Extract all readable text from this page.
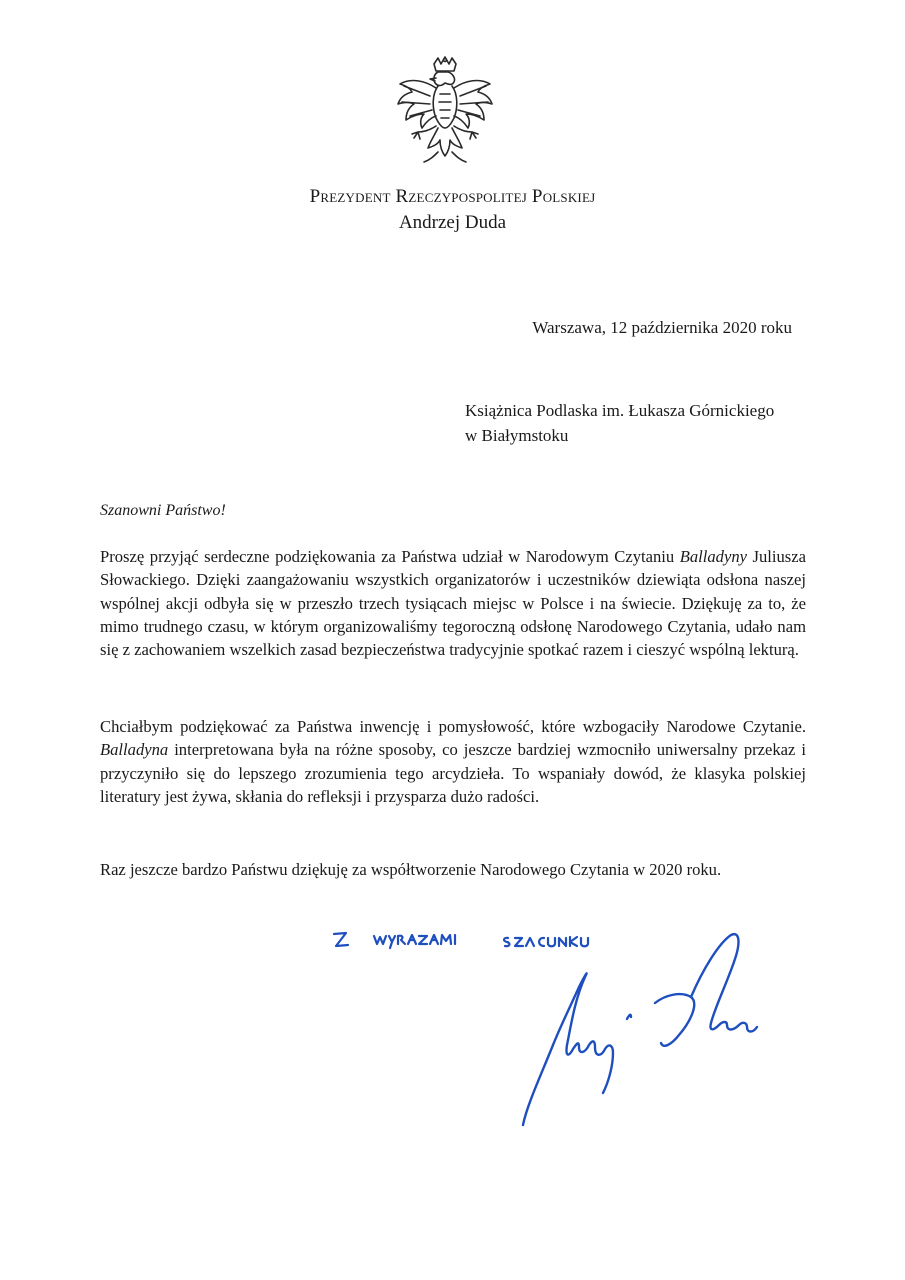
Prezydent Rzeczypospolitej Polskiej
Andrzej Duda
Warszawa, 12 października 2020 roku
Książnica Podlaska im. Łukasza Górnickiego
w Białymstoku
Szanowni Państwo!

Proszę przyjąć serdeczne podziękowania za Państwa udział w Narodowym Czytaniu Balladyny Juliusza Słowackiego. Dzięki zaangażowaniu wszystkich organizatorów i uczestników dziewiąta odsłona naszej wspólnej akcji odbyła się w przeszło trzech tysiącach miejsc w Polsce i na świecie. Dziękuję za to, że mimo trudnego czasu, w którym organizowaliśmy tegoroczną odsłonę Narodowego Czytania, udało nam się z zachowaniem wszelkich zasad bezpieczeństwa tradycyjnie spotkać razem i cieszyć wspólną lekturą.

Chciałbym podziękować za Państwa inwencję i pomysłowość, które wzbogaciły Narodowe Czytanie. Balladyna interpretowana była na różne sposoby, co jeszcze bardziej wzmocniło uniwersalny przekaz i przyczyniło się do lepszego zrozumienia tego arcydzieła. To wspaniały dowód, że klasyka polskiej literatury jest żywa, skłania do refleksji i przysparza dużo radości.

Raz jeszcze bardzo Państwu dziękuję za współtworzenie Narodowego Czytania w 2020 roku.
